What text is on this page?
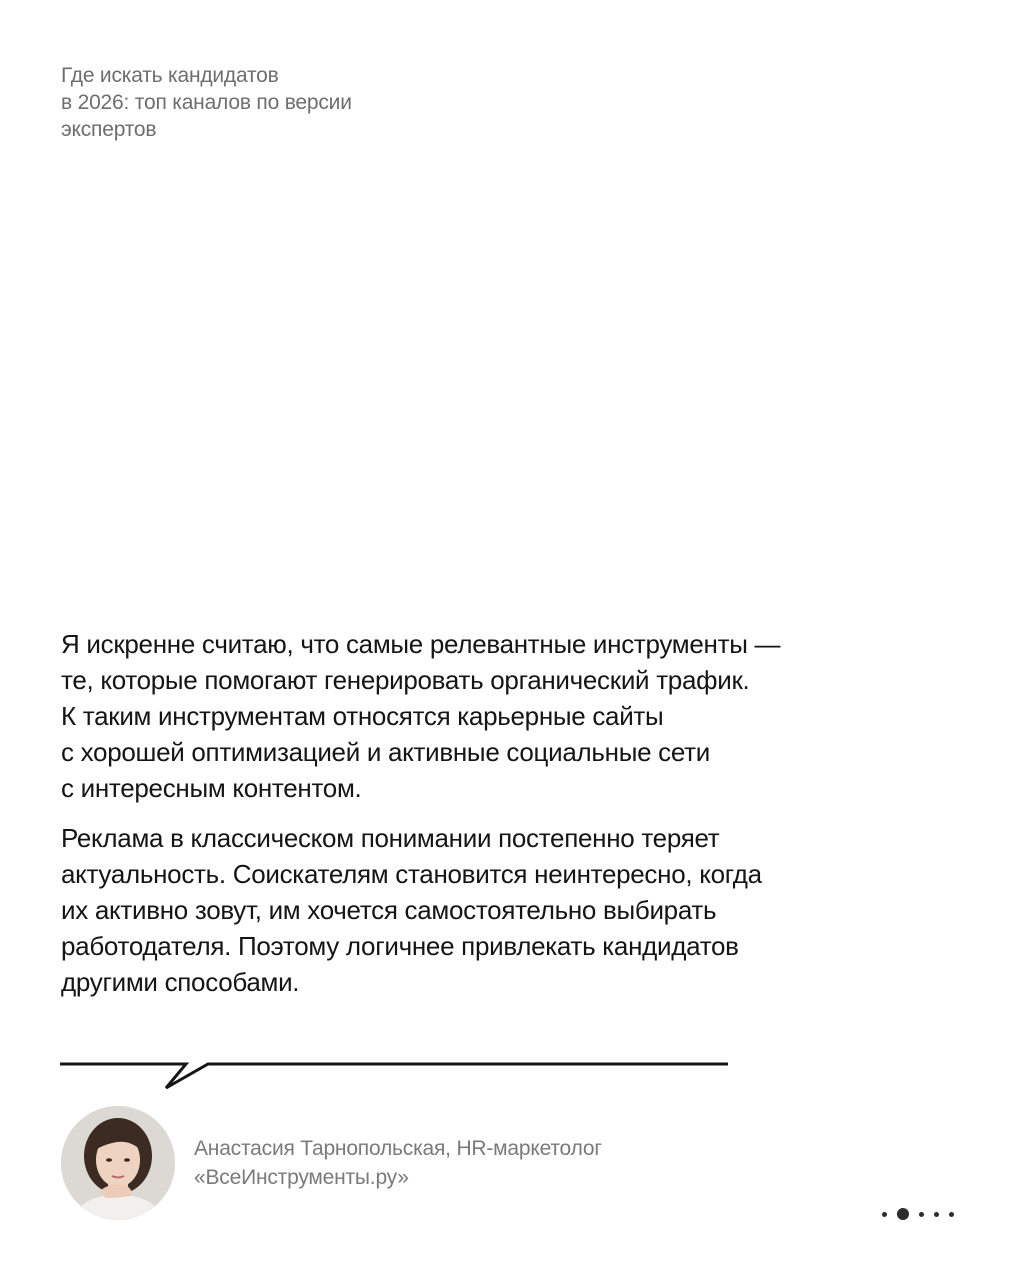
Где искать кандидатов
в 2026: топ каналов по версии
экспертов

Я искренне считаю, что самые релевантные инструменты —
те, которые помогают генерировать органический трафик.
К таким инструментам относятся карьерные сайты
с хорошей оптимизацией и активные социальные сети
с интересным контентом.

Реклама в классическом понимании постепенно теряет
актуальность. Соискателям становится неинтересно, когда
их активно зовут, им хочется самостоятельно выбирать
работодателя. Поэтому логичнее привлекать кандидатов
другими способами.

Анастасия Тарнопольская, HR-маркетолог
«ВсеИнструменты.ру»
